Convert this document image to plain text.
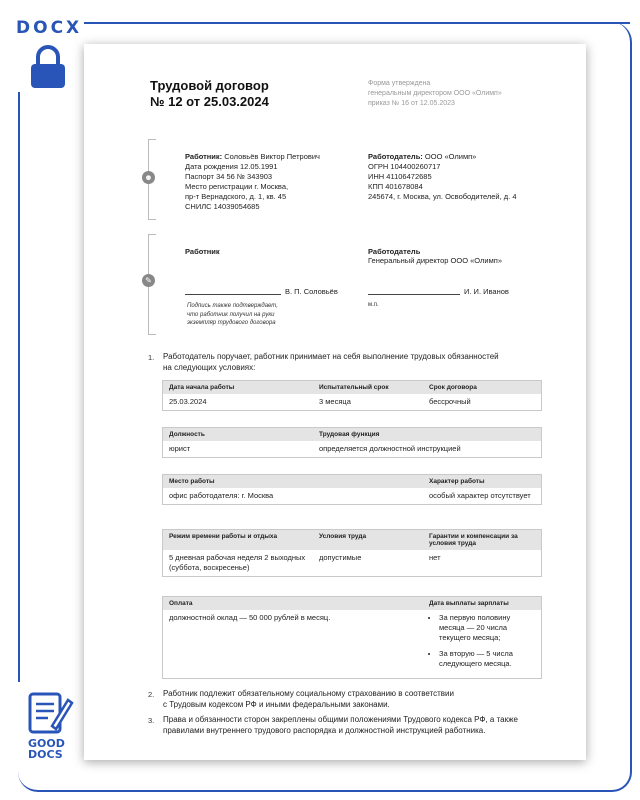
DOCX
GOOD
DOCS
Трудовой договор
№ 12 от 25.03.2024
Форма утверждена
генеральным директором ООО «Олимп»
приказ № 16 от 12.05.2023
☻
Работник: Соловьёв Виктор Петрович
Дата рождения 12.05.1991
Паспорт 34 56 № 343903
Место регистрации г. Москва,
пр-т Вернадского, д. 1, кв. 45
СНИЛС 14039054685
Работодатель: ООО «Олимп»
ОГРН 104400260717
ИНН 41106472685
КПП 401678084
245674, г. Москва, ул. Освободителей, д. 4
✎
Работник
В. П. Соловьёв
Подпись также подтверждает,
что работник получил на руки
экземпляр трудового договора
Работодатель
Генеральный директор ООО «Олимп»
И. И. Иванов
м.п.
1. Работодатель поручает, работник принимает на себя выполнение трудовых обязанностей
на следующих условиях:
Дата начала работы	Испытательный срок	Срок договора
25.03.2024	3 месяца	бессрочный
Должность	Трудовая функция
юрист	определяется должностной инструкцией
Место работы	Характер работы
офис работодателя: г. Москва	особый характер отсутствует
Режим времени работы и отдыха	Условия труда	Гарантии и компенсации за условия труда
5 дневная рабочая неделя 2 выходных (суббота, воскресенье)
допустимые	нет
Оплата	Дата выплаты зарплаты
должностной оклад — 50 000 рублей в месяц.
•	За первую половину месяца — 20 числа текущего месяца;
• За вторую — 5 числа следующего месяца.
2. Работник подлежит обязательному социальному страхованию в соответствии
с Трудовым кодексом РФ и иными федеральными законами.
3. Права и обязанности сторон закреплены общими положениями Трудового кодекса РФ, а также
правилами внутреннего трудового распорядка и должностной инструкцией работника.
